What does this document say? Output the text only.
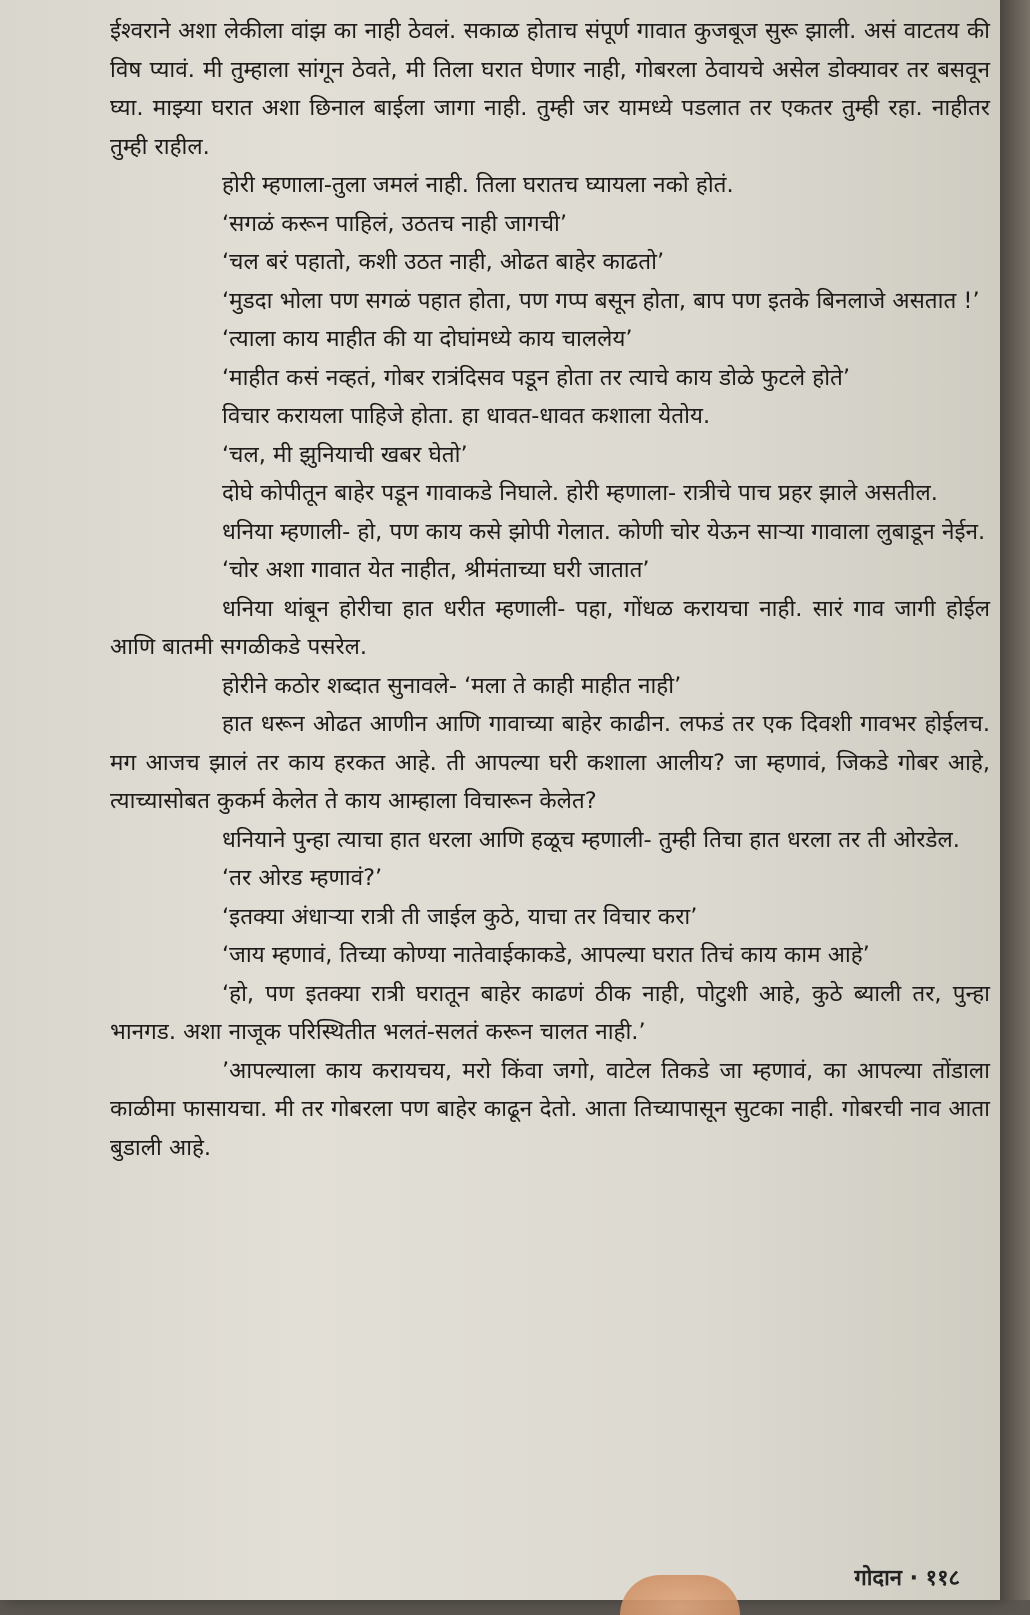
ईश्वराने अशा लेकीला वांझ का नाही ठेवलं. सकाळ होताच संपूर्ण गावात कुजबूज सुरू झाली. असं वाटतय की विष प्यावं. मी तुम्हाला सांगून ठेवते, मी तिला घरात घेणार नाही, गोबरला ठेवायचे असेल डोक्यावर तर बसवून घ्या. माझ्या घरात अशा छिनाल बाईला जागा नाही. तुम्ही जर यामध्ये पडलात तर एकतर तुम्ही रहा. नाहीतर तुम्ही राहील.

होरी म्हणाला-तुला जमलं नाही. तिला घरातच घ्यायला नको होतं.

‘सगळं करून पाहिलं, उठतच नाही जागची’

‘चल बरं पहातो, कशी उठत नाही, ओढत बाहेर काढतो’

‘मुडदा भोला पण सगळं पहात होता, पण गप्प बसून होता, बाप पण इतके बिनलाजे असतात !’

‘त्याला काय माहीत की या दोघांमध्ये काय चाललेय’

‘माहीत कसं नव्हतं, गोबर रात्रंदिसव पडून होता तर त्याचे काय डोळे फुटले होते’

विचार करायला पाहिजे होता. हा धावत-धावत कशाला येतोय.

‘चल, मी झुनियाची खबर घेतो’

दोघे कोपीतून बाहेर पडून गावाकडे निघाले. होरी म्हणाला- रात्रीचे पाच प्रहर झाले असतील.

धनिया म्हणाली- हो, पण काय कसे झोपी गेलात. कोणी चोर येऊन साऱ्या गावाला लुबाडून नेईन.

‘चोर अशा गावात येत नाहीत, श्रीमंताच्या घरी जातात’

धनिया थांबून होरीचा हात धरीत म्हणाली- पहा, गोंधळ करायचा नाही. सारं गाव जागी होईल आणि बातमी सगळीकडे पसरेल.

होरीने कठोर शब्दात सुनावले- ‘मला ते काही माहीत नाही’

हात धरून ओढत आणीन आणि गावाच्या बाहेर काढीन. लफडं तर एक दिवशी गावभर होईलच. मग आजच झालं तर काय हरकत आहे. ती आपल्या घरी कशाला आलीय? जा म्हणावं, जिकडे गोबर आहे, त्याच्यासोबत कुकर्म केलेत ते काय आम्हाला विचारून केलेत?

धनियाने पुन्हा त्याचा हात धरला आणि हळूच म्हणाली- तुम्ही तिचा हात धरला तर ती ओरडेल.

‘तर ओरड म्हणावं?’

‘इतक्या अंधाऱ्या रात्री ती जाईल कुठे, याचा तर विचार करा’

‘जाय म्हणावं, तिच्या कोण्या नातेवाईकाकडे, आपल्या घरात तिचं काय काम आहे’

‘हो, पण इतक्या रात्री घरातून बाहेर काढणं ठीक नाही, पोटुशी आहे, कुठे ब्याली तर, पुन्हा भानगड. अशा नाजूक परिस्थितीत भलतं-सलतं करून चालत नाही.’

’आपल्याला काय करायचय, मरो किंवा जगो, वाटेल तिकडे जा म्हणावं, का आपल्या तोंडाला काळीमा फासायचा. मी तर गोबरला पण बाहेर काढून देतो. आता तिच्यापासून सुटका नाही. गोबरची नाव आता बुडाली आहे.

गोदान · ११८
